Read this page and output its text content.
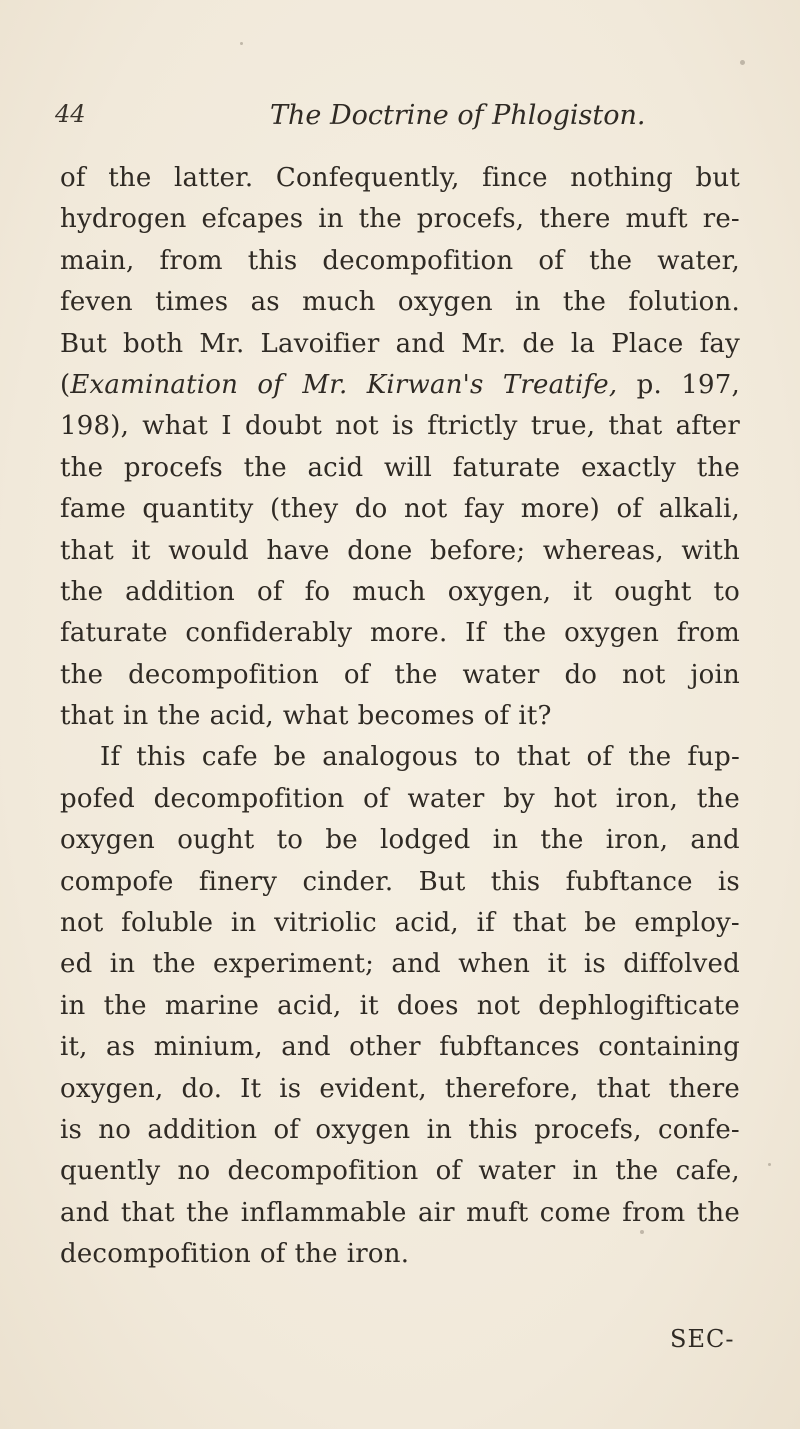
44	The Doctrine of Phlogiston.
of the latter. Confequently, fince nothing but
hydrogen efcapes in the procefs, there muft re-
main, from this decompofition of the water,
feven times as much oxygen in the folution.
But both Mr. Lavoifier and Mr. de la Place fay
(Examination of Mr. Kirwan's Treatife, p. 197,
198), what I doubt not is ftrictly true, that after
the procefs the acid will faturate exactly the
fame quantity (they do not fay more) of alkali,
that it would have done before; whereas, with
the addition of fo much oxygen, it ought to
faturate confiderably more. If the oxygen from
the decompofition of the water do not join
that in the acid, what becomes of it?
If this cafe be analogous to that of the fup-
pofed decompofition of water by hot iron, the
oxygen ought to be lodged in the iron, and
compofe finery cinder. But this fubftance is
not foluble in vitriolic acid, if that be employ-
ed in the experiment; and when it is diffolved
in the marine acid, it does not dephlogifticate
it, as minium, and other fubftances containing
oxygen, do. It is evident, therefore, that there
is no addition of oxygen in this procefs, confe-
quently no decompofition of water in the cafe,
and that the inflammable air muft come from the
decompofition of the iron.
SEC-
